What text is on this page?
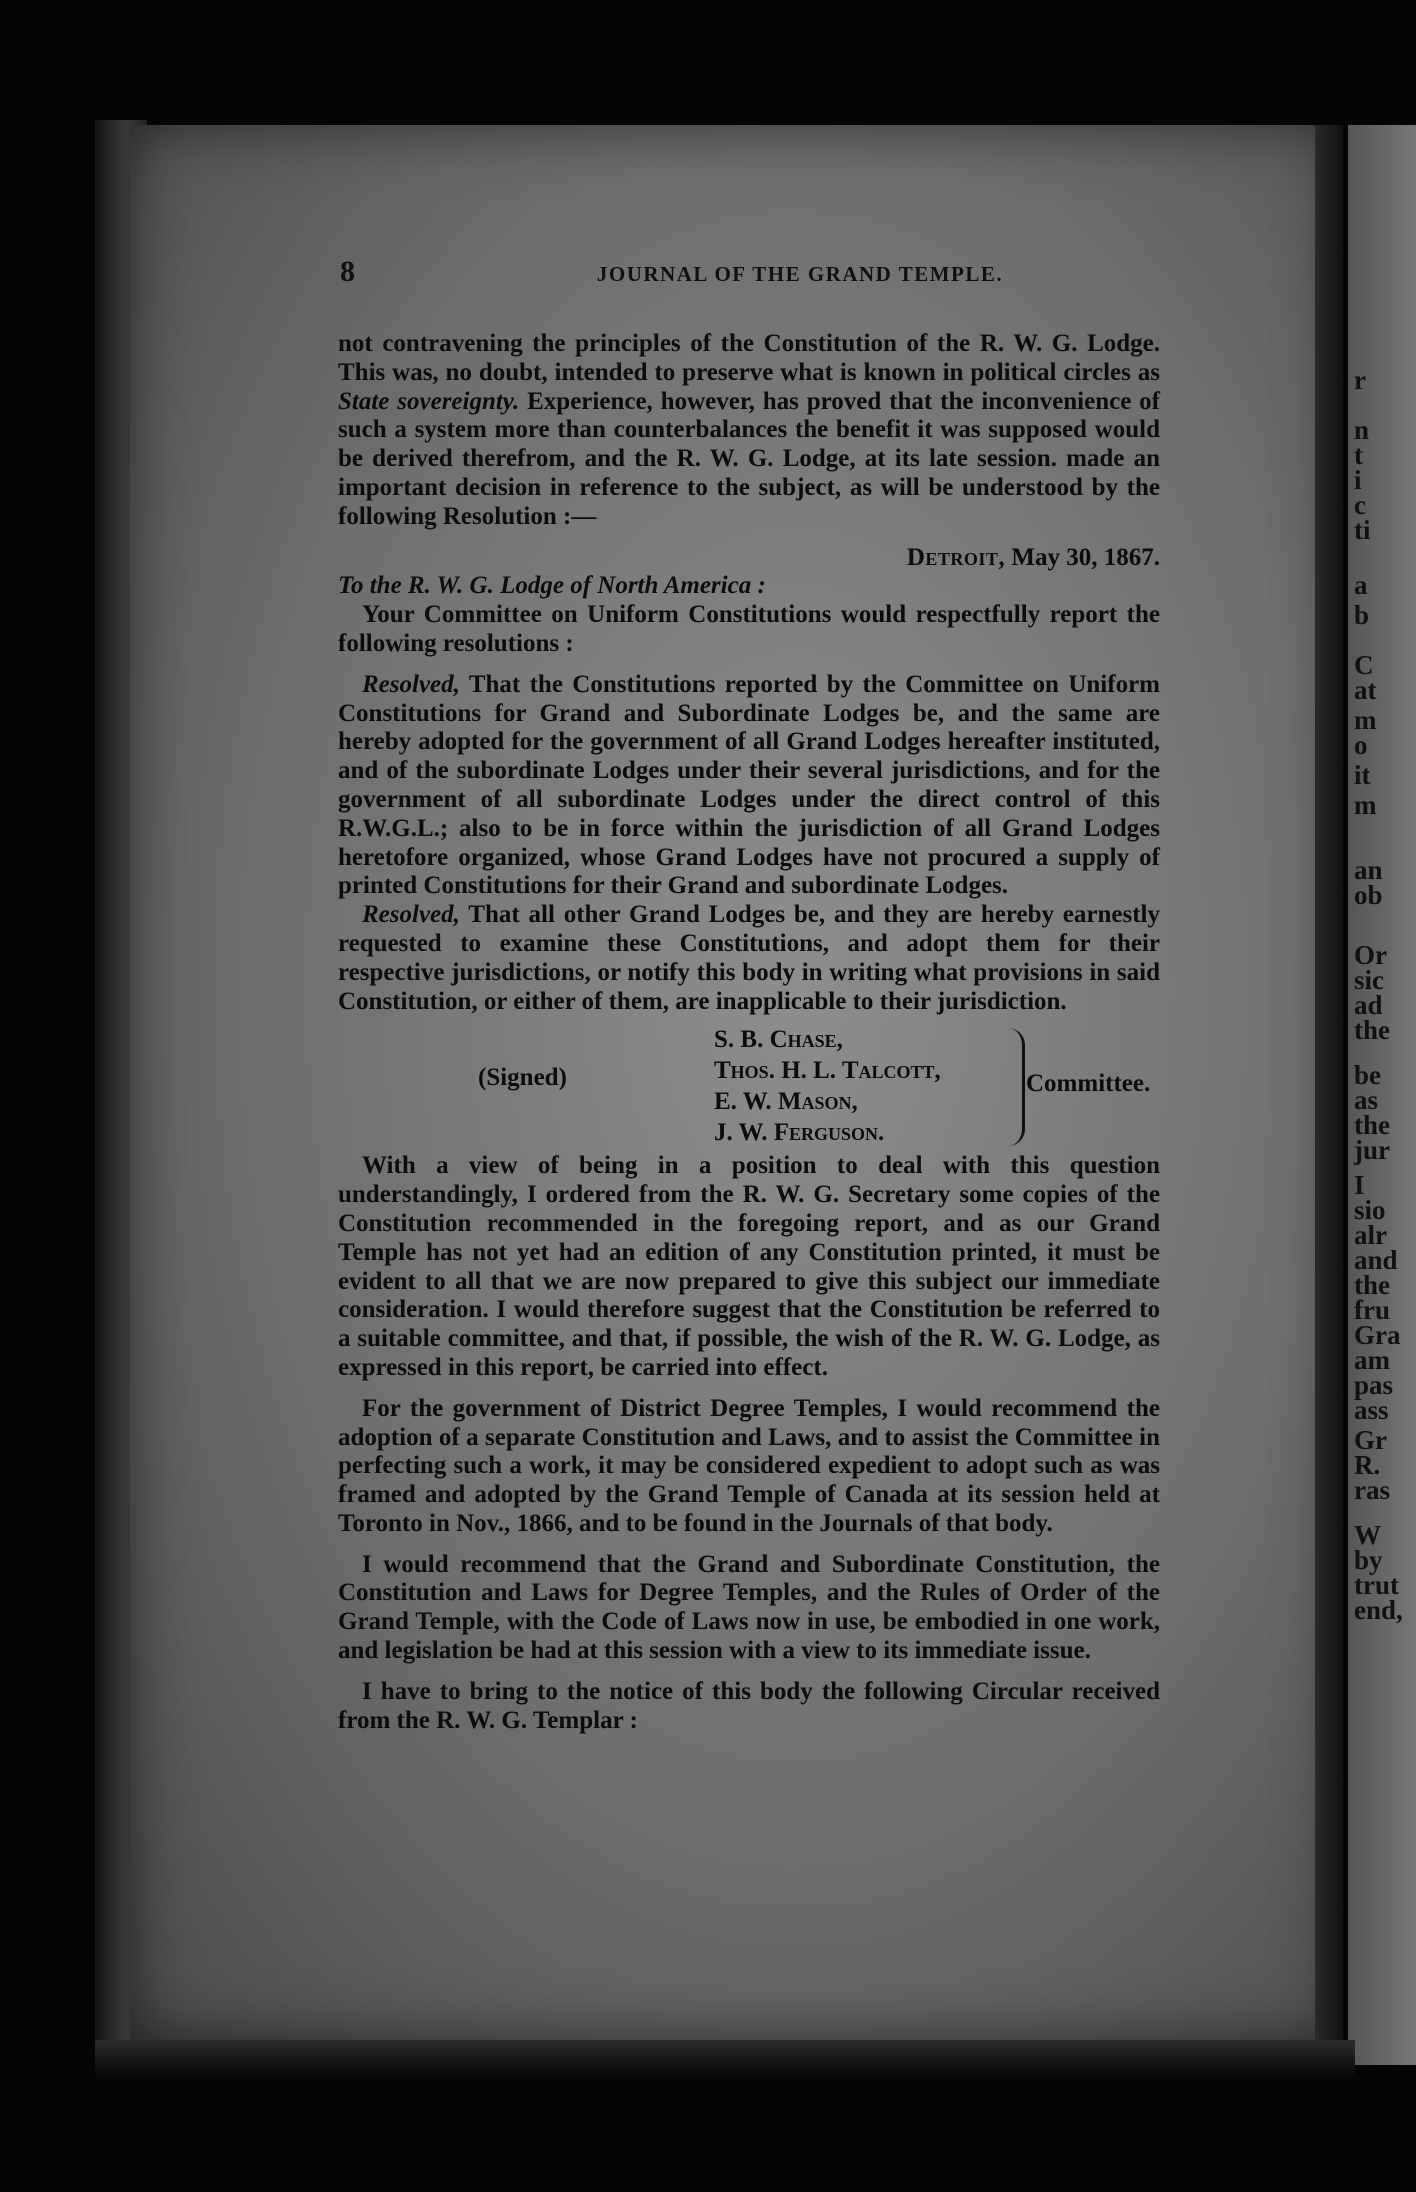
r
n
t
i
c
ti
a
b
C
at
m
o
it
m
an
ob
Or
sic
ad
the
be
as
the
jur
I
sio
alr
and
the
fru
Gra
am
pas
ass
Gr
R.
ras
W
by
trut
end,
8	JOURNAL OF THE GRAND TEMPLE.

not contravening the principles of the Constitution of the R. W. G. Lodge. This was, no doubt, intended to preserve what is known in political circles as State sovereignty. Experience, however, has proved that the inconvenience of such a system more than counterbalances the benefit it was supposed would be derived therefrom, and the R. W. G. Lodge, at its late session. made an important decision in reference to the subject, as will be understood by the following Resolution :—

Detroit, May 30, 1867.

To the R. W. G. Lodge of North America :

Your Committee on Uniform Constitutions would respectfully report the following resolutions :

Resolved, That the Constitutions reported by the Committee on Uniform Constitutions for Grand and Subordinate Lodges be, and the same are hereby adopted for the government of all Grand Lodges hereafter instituted, and of the subordinate Lodges under their several jurisdictions, and for the government of all subordinate Lodges under the direct control of this R.W.G.L.; also to be in force within the jurisdiction of all Grand Lodges heretofore organized, whose Grand Lodges have not procured a supply of printed Constitutions for their Grand and subordinate Lodges.

Resolved, That all other Grand Lodges be, and they are hereby earnestly requested to examine these Constitutions, and adopt them for their respective jurisdictions, or notify this body in writing what provisions in said Constitution, or either of them, are inapplicable to their jurisdiction.

(Signed)
S. B. Chase,
Thos. H. L. Talcott,
E. W. Mason,
J. W. Ferguson.
Committee.

With a view of being in a position to deal with this question understandingly, I ordered from the R. W. G. Secretary some copies of the Constitution recommended in the foregoing report, and as our Grand Temple has not yet had an edition of any Constitution printed, it must be evident to all that we are now prepared to give this subject our immediate consideration. I would therefore suggest that the Constitution be referred to a suitable committee, and that, if possible, the wish of the R. W. G. Lodge, as expressed in this report, be carried into effect.

For the government of District Degree Temples, I would recommend the adoption of a separate Constitution and Laws, and to assist the Committee in perfecting such a work, it may be considered expedient to adopt such as was framed and adopted by the Grand Temple of Canada at its session held at Toronto in Nov., 1866, and to be found in the Journals of that body.

I would recommend that the Grand and Subordinate Constitution, the Constitution and Laws for Degree Temples, and the Rules of Order of the Grand Temple, with the Code of Laws now in use, be embodied in one work, and legislation be had at this session with a view to its immediate issue.

I have to bring to the notice of this body the following Circular received from the R. W. G. Templar :
